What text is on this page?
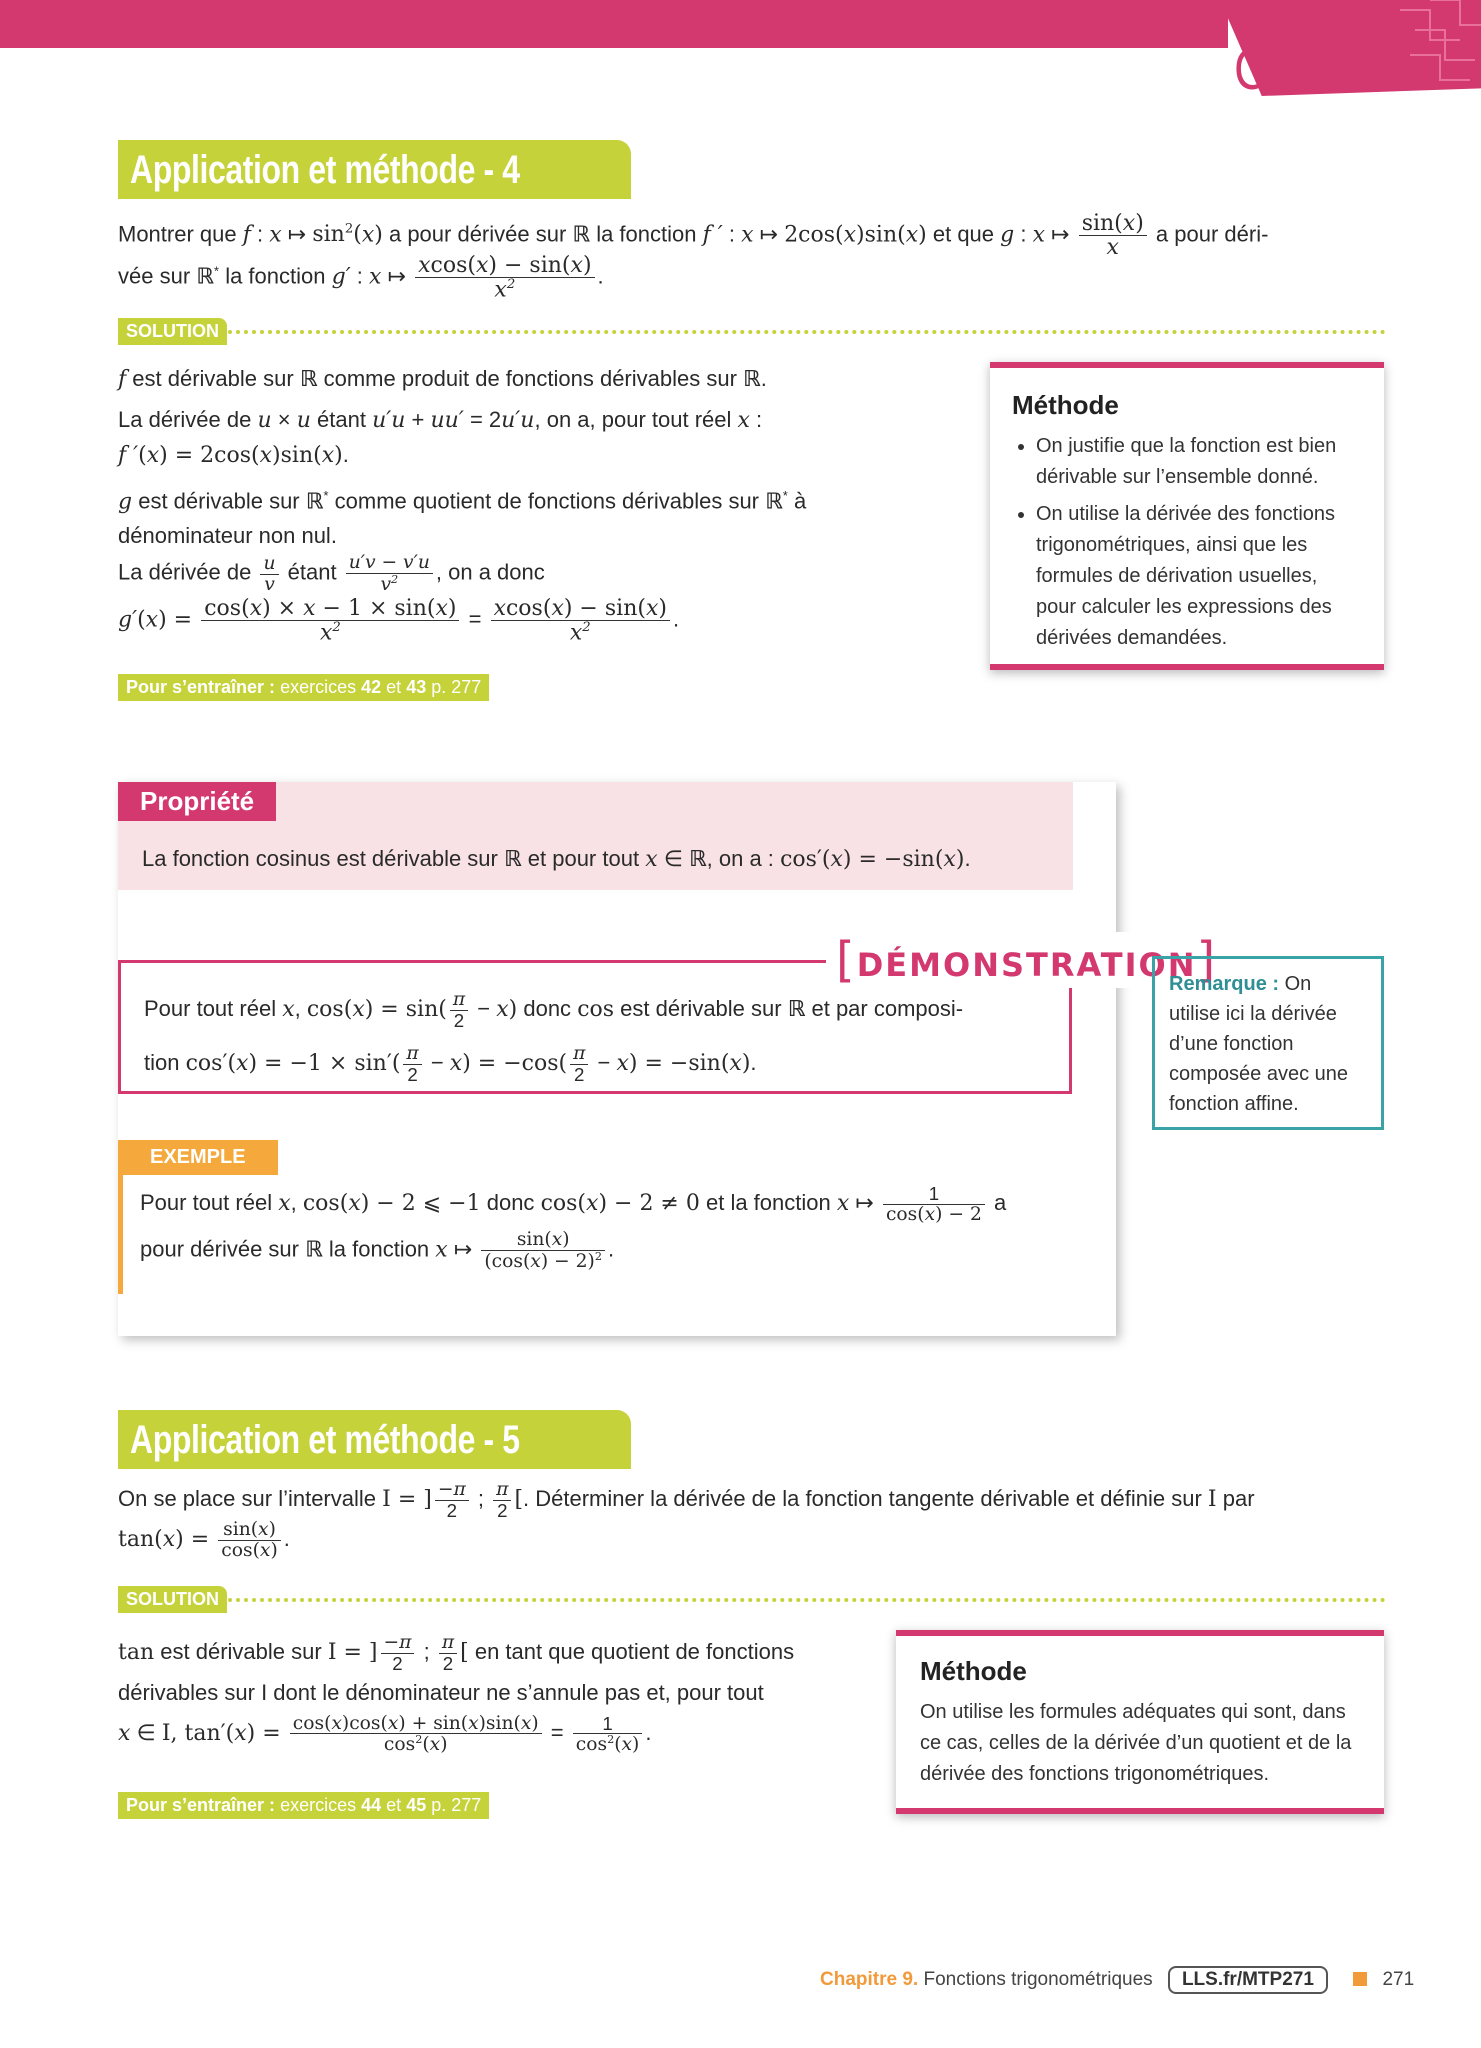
COURS
Application et méthode - 4
Montrer que f : x ↦ $\sin^2(x)$ a pour dérivée sur ℝ la fonction f ′ : x ↦ 2cos(x)sin(x) et que g : x ↦ $\frac{\sin(x)}{x}$ a pour déri-
vée sur ℝ* la fonction g′ : x ↦ $\frac{xcos(x) - \sin(x)}{x^2}$ .
SOLUTION
f est dérivable sur ℝ comme produit de fonctions dérivables sur ℝ.
La dérivée de u × u étant u′u + uu′ = 2u′u, on a, pour tout réel x :
f ′(x) = 2cos(x)sin(x).
g est dérivable sur ℝ* comme quotient de fonctions dérivables sur ℝ* à
dénominateur non nul.
La dérivée de $\frac{u}{v}$ étant $\frac{u'v - v'u}{v^2}$ , on a donc
$g'(x) = \frac{\cos(x) \times x - 1 \times \sin(x)}{x^2} = \frac{xcos(x) - \sin(x)}{x^2}$ .
Pour s’entraîner : exercices 42 et 43 p. 277
Méthode
• On justifie que la fonction est bien dérivable sur l’ensemble donné.
• On utilise la dérivée des fonctions trigonométriques, ainsi que les formules de dérivation usuelles, pour calculer les expressions des dérivées demandées.
Propriété
La fonction cosinus est dérivable sur ℝ et pour tout x ∈ ℝ, on a : cos′(x) = −sin(x).
[DÉMONSTRATION]
Pour tout réel x, $\cos(x) = \sin( \frac{\pi}{2} - x)$ donc cos est dérivable sur ℝ et par composi-
tion $\cos'(x) = -1 \times \sin'( \frac{\pi}{2} - x) = -\cos( \frac{\pi}{2} - x) = -\sin(x)$.
Remarque : On utilise ici la dérivée d’une fonction composée avec une fonction affine.
EXEMPLE
Pour tout réel x, cos(x) − 2 ⩽ −1 donc cos(x) − 2 ≠ 0 et la fonction x ↦ $\frac{1}{\cos(x) - 2}$ a
pour dérivée sur ℝ la fonction x ↦ $\frac{\sin(x)}{(\cos(x) - 2)^2}$ .
Application et méthode - 5
On se place sur l’intervalle I = ] $\frac{-\pi}{2}$ ; $\frac{\pi}{2}$ [. Déterminer la dérivée de la fonction tangente dérivable et définie sur I par
$\tan(x) = \frac{\sin(x)}{\cos(x)}$ .
SOLUTION
tan est dérivable sur I = ] $\frac{-\pi}{2}$ ; $\frac{\pi}{2}$ [ en tant que quotient de fonctions
dérivables sur I dont le dénominateur ne s’annule pas et, pour tout
x ∈ I, $\tan'(x) = \frac{\cos(x)\cos(x) + \sin(x)\sin(x)}{\cos^2(x)} = \frac{1}{\cos^2(x)}$ .
Pour s’entraîner : exercices 44 et 45 p. 277
Méthode

On utilise les formules adéquates qui sont, dans ce cas, celles de la dérivée d’un quotient et de la dérivée des fonctions trigonométriques.

Chapitre 9. Fonctions trigonométriques LLS.fr/MTP271	271
